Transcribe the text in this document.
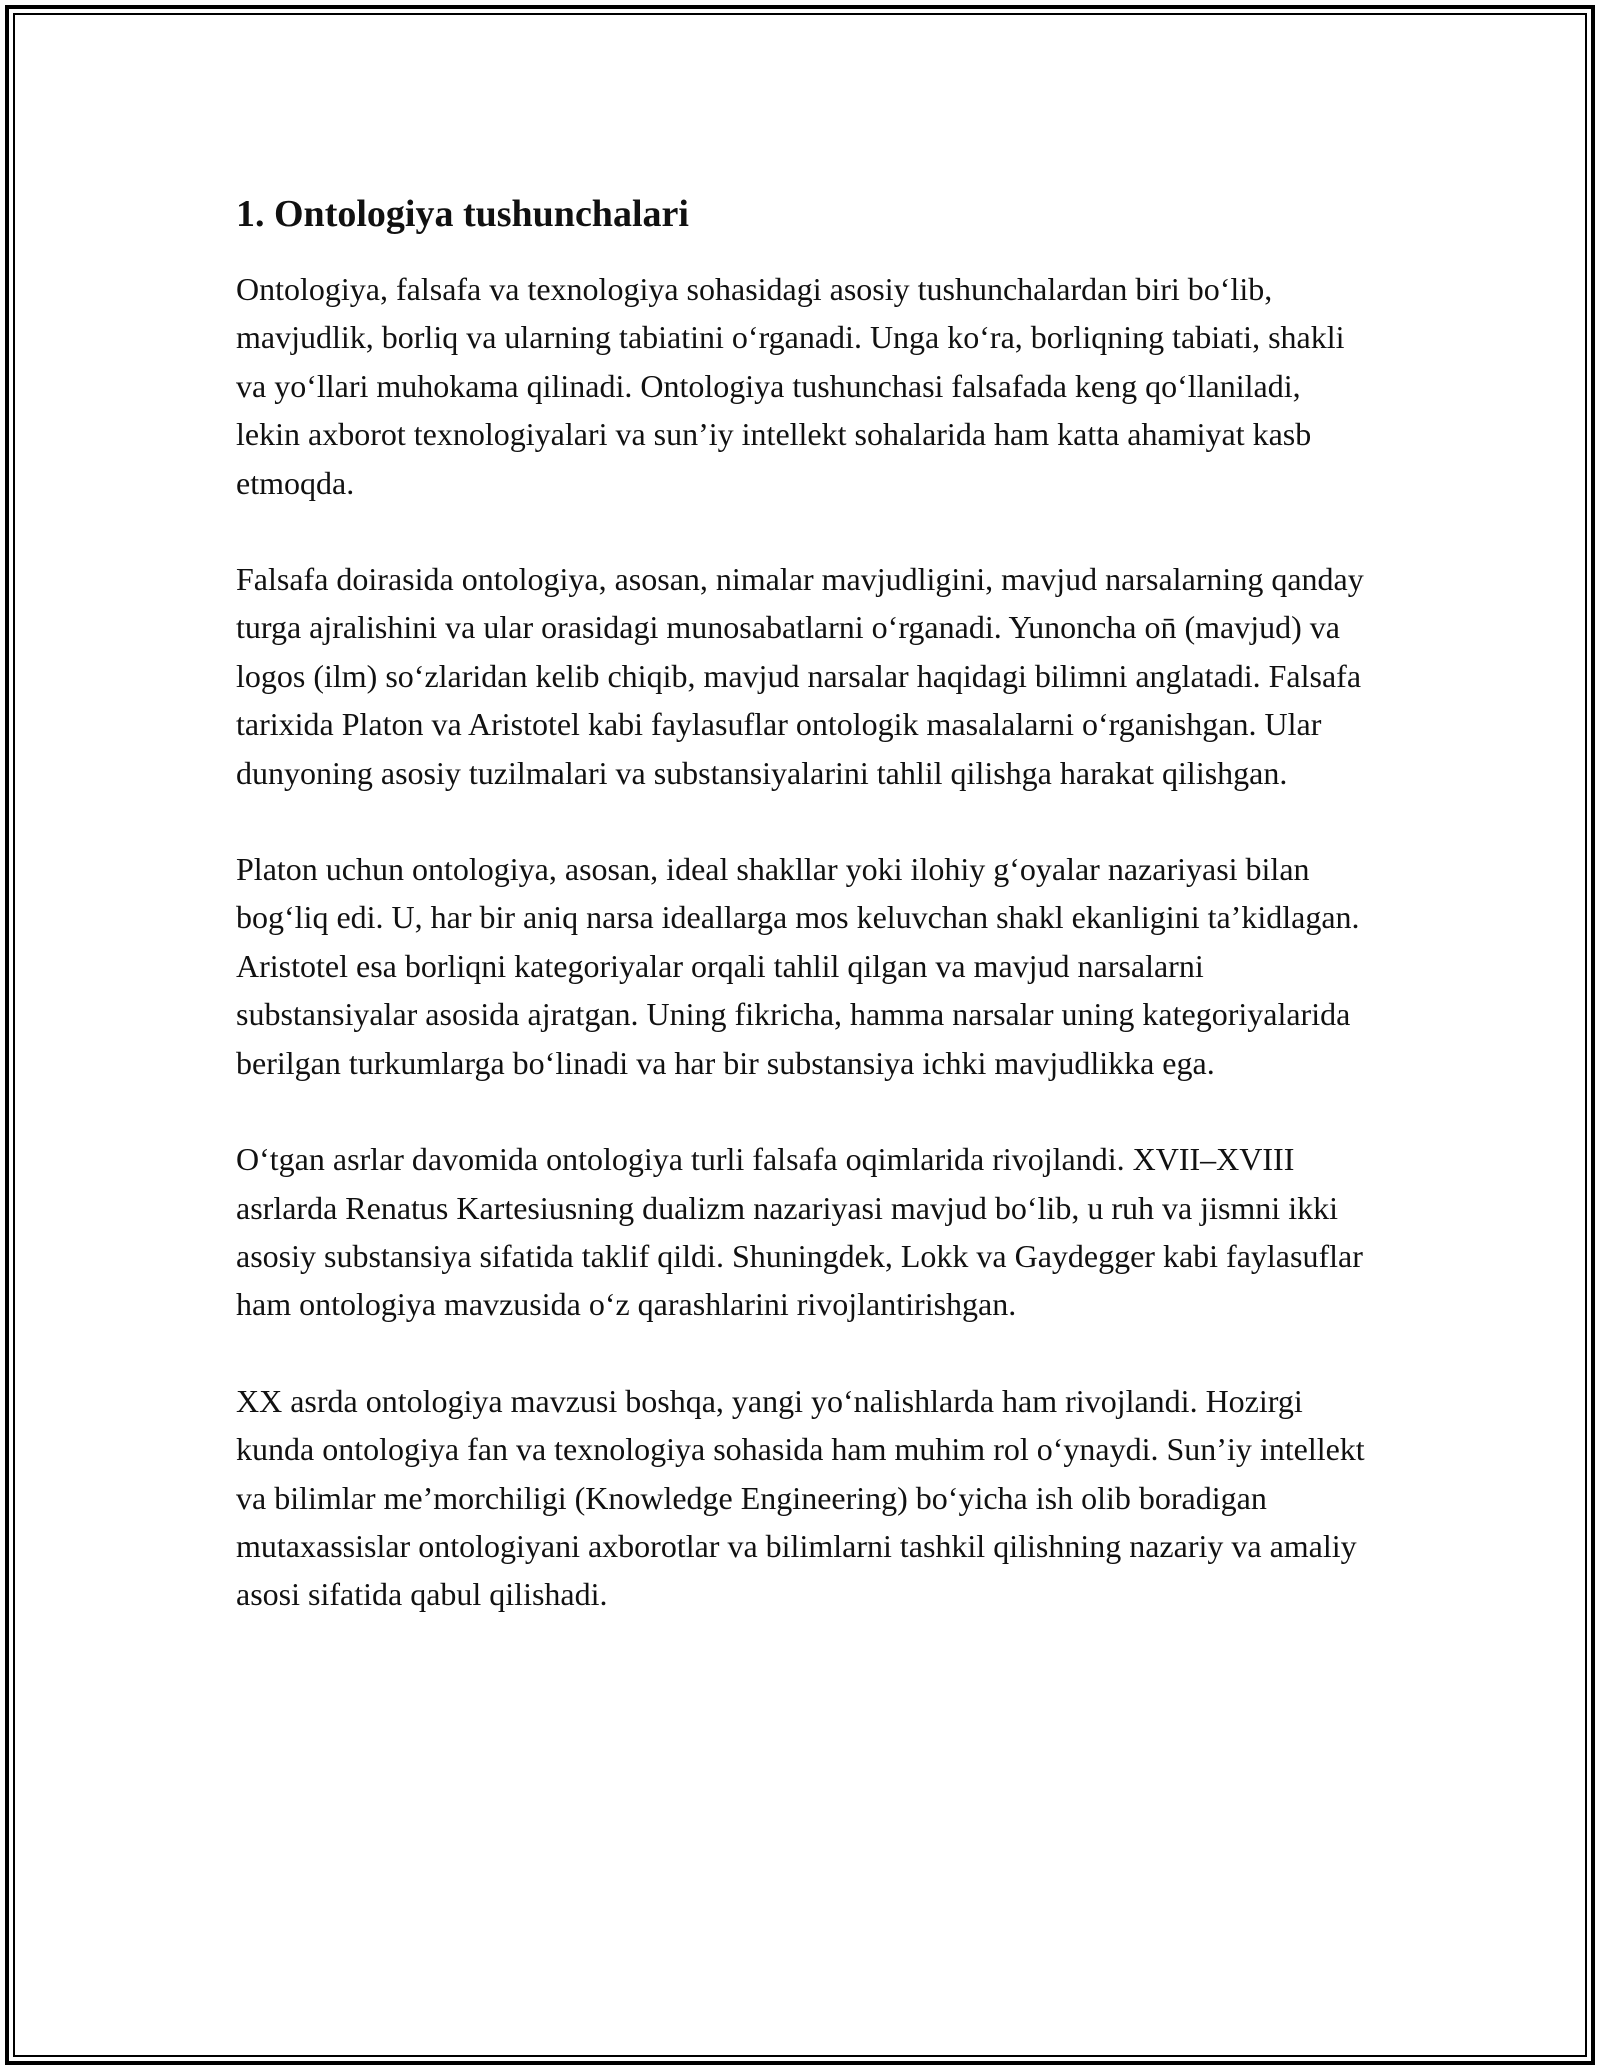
1. Ontologiya tushunchalari

Ontologiya, falsafa va texnologiya sohasidagi asosiy tushunchalardan biri bo‘lib, mavjudlik, borliq va ularning tabiatini o‘rganadi. Unga ko‘ra, borliqning tabiati, shakli va yo‘llari muhokama qilinadi. Ontologiya tushunchasi falsafada keng qo‘llaniladi, lekin axborot texnologiyalari va sun’iy intellekt sohalarida ham katta ahamiyat kasb etmoqda.

Falsafa doirasida ontologiya, asosan, nimalar mavjudligini, mavjud narsalarning qanday turga ajralishini va ular orasidagi munosabatlarni o‘rganadi. Yunoncha on̄ (mavjud) va logos (ilm) so‘zlaridan kelib chiqib, mavjud narsalar haqidagi bilimni anglatadi. Falsafa tarixida Platon va Aristotel kabi faylasuflar ontologik masalalarni o‘rganishgan. Ular dunyoning asosiy tuzilmalari va substansiyalarini tahlil qilishga harakat qilishgan.

Platon uchun ontologiya, asosan, ideal shakllar yoki ilohiy g‘oyalar nazariyasi bilan bog‘liq edi. U, har bir aniq narsa ideallarga mos keluvchan shakl ekanligini ta’kidlagan. Aristotel esa borliqni kategoriyalar orqali tahlil qilgan va mavjud narsalarni substansiyalar asosida ajratgan. Uning fikricha, hamma narsalar uning kategoriyalarida berilgan turkumlarga bo‘linadi va har bir substansiya ichki mavjudlikka ega.

O‘tgan asrlar davomida ontologiya turli falsafa oqimlarida rivojlandi. XVII–XVIII asrlarda Renatus Kartesiusning dualizm nazariyasi mavjud bo‘lib, u ruh va jismni ikki asosiy substansiya sifatida taklif qildi. Shuningdek, Lokk va Gaydegger kabi faylasuflar ham ontologiya mavzusida o‘z qarashlarini rivojlantirishgan.

XX asrda ontologiya mavzusi boshqa, yangi yo‘nalishlarda ham rivojlandi. Hozirgi kunda ontologiya fan va texnologiya sohasida ham muhim rol o‘ynaydi. Sun’iy intellekt va bilimlar me’morchiligi (Knowledge Engineering) bo‘yicha ish olib boradigan mutaxassislar ontologiyani axborotlar va bilimlarni tashkil qilishning nazariy va amaliy asosi sifatida qabul qilishadi.
